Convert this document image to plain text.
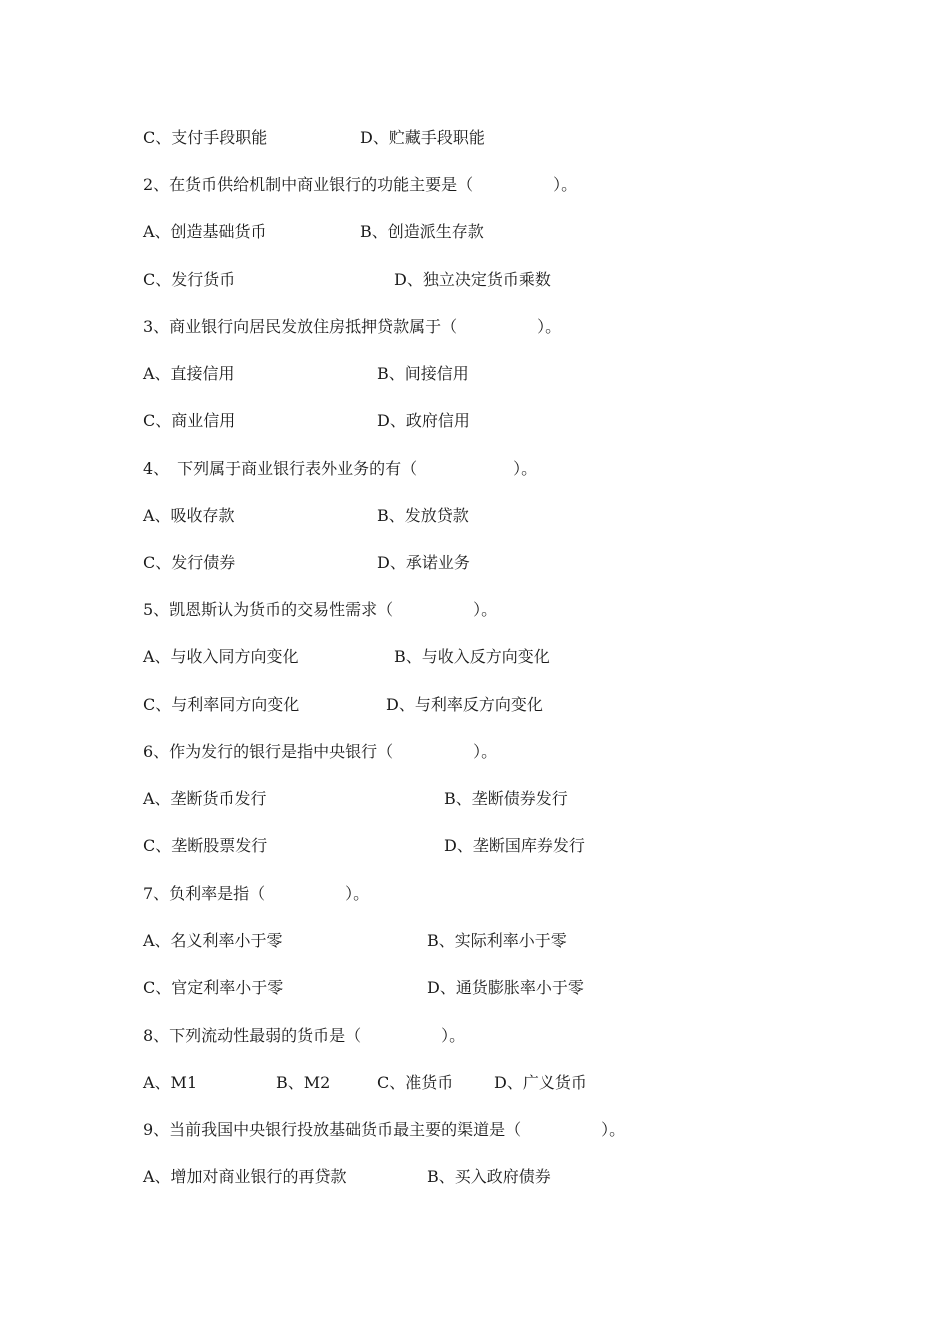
C、支付手段职能

	D、贮藏手段职能

2、在货币供给机制中商业银行的功能主要是（　　　　　）。

A、创造基础货币

	B、创造派生存款

C、发行货币

	D、独立决定货币乘数

3、商业银行向居民发放住房抵押贷款属于（　　　　　）。

A、直接信用

	B、间接信用

C、商业信用

	D、政府信用

4、　下列属于商业银行表外业务的有（　　　　　　）。

A、吸收存款

	B、发放贷款

C、发行债券

	D、承诺业务

5、凯恩斯认为货币的交易性需求（　　　　　）。

A、与收入同方向变化

	B、与收入反方向变化

C、与利率同方向变化

	D、与利率反方向变化

6、作为发行的银行是指中央银行（　　　　　）。

A、垄断货币发行

	B、垄断债券发行

C、垄断股票发行

	D、垄断国库券发行

7、负利率是指（　　　　　）。

A、名义利率小于零

	B、实际利率小于零

C、官定利率小于零

	D、通货膨胀率小于零

8、下列流动性最弱的货币是（　　　　　）。

A、M1

	B、M2

	C、准货币

	D、广义货币

9、当前我国中央银行投放基础货币最主要的渠道是（　　　　　）。

A、增加对商业银行的再贷款

	B、买入政府债券
